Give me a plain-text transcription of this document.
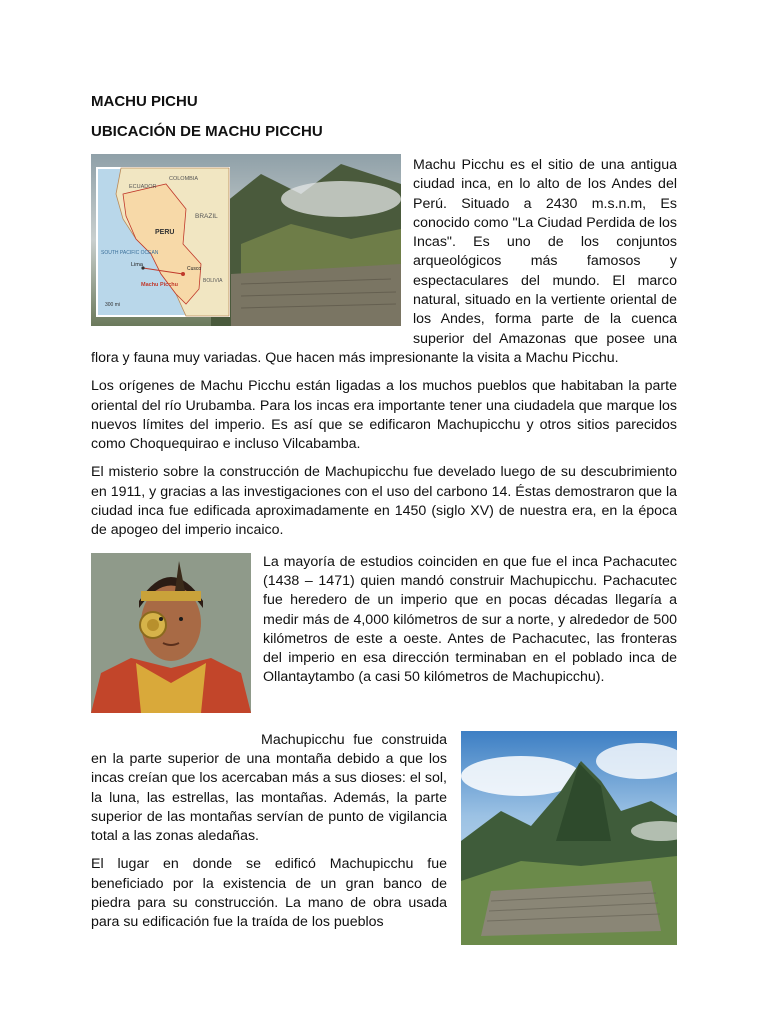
MACHU PICHU
UBICACIÓN DE MACHU PICCHU
ECUADOR
COLOMBIA
BRAZIL
PERU
SOUTH PACIFIC OCEAN
Lima
Cusco
Machu Picchu
BOLIVIA
300 mi
Machu Picchu es el sitio de una antigua ciudad inca, en lo alto de los Andes del Perú. Situado a 2430 m.s.n.m, Es conocido como "La Ciudad Perdida de los Incas". Es uno de los conjuntos arqueológicos más famosos y espectaculares del mundo. El marco natural, situado en la vertiente oriental de los Andes, forma parte de la cuenca superior del Amazonas que posee una flora y fauna muy variadas. Que hacen más impresionante la visita a Machu Picchu.

Los orígenes de Machu Picchu están ligadas a los muchos pueblos que habitaban la parte oriental del río Urubamba. Para los incas era importante tener una ciudadela que marque los nuevos límites del imperio. Es así que se edificaron Machupicchu y otros sitios parecidos como Choquequirao e incluso Vilcabamba.

El misterio sobre la construcción de Machupicchu fue develado luego de su descubrimiento en 1911, y gracias a las investigaciones con el uso del carbono 14. Éstas demostraron que la ciudad inca fue edificada aproximadamente en 1450 (siglo XV) de nuestra era, en la época de apogeo del imperio incaico.

La mayoría de estudios coinciden en que fue el inca Pachacutec (1438 – 1471) quien mandó construir Machupicchu. Pachacutec fue heredero de un imperio que en pocas décadas llegaría a medir más de 4,000 kilómetros de sur a norte, y alrededor de 500 kilómetros de este a oeste. Antes de Pachacutec, las fronteras del imperio en esa dirección terminaban en el poblado inca de Ollantaytambo (a casi 50 kilómetros de Machupicchu).
Machupicchu fue construida en la parte superior de una montaña debido a que los incas creían que los acercaban más a sus dioses: el sol, la luna, las estrellas, las montañas. Además, la parte superior de las montañas servían de punto de vigilancia total a las zonas aledañas.
El lugar en donde se edificó Machupicchu fue beneficiado por la existencia de un gran banco de piedra para su construcción. La mano de obra usada para su edificación fue la traída de los pueblos
